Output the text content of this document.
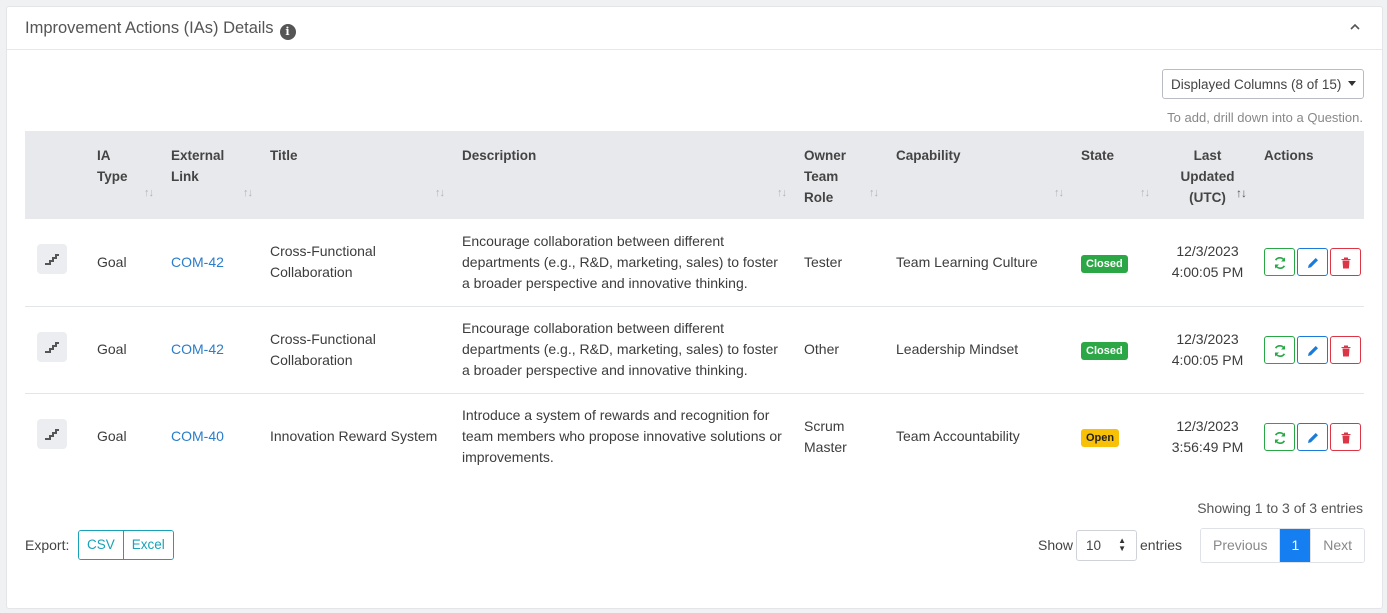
Improvement Actions (IAs) Details i
Displayed Columns (8 of 15)
To add, drill down into a Question.
	IA
Type
↑↓	External
Link
↑↓	Title
↑↓	Description
↑↓	Owner
Team
Role ↑↓	Capability
↑↓	State
↑↓	Last
Updated
(UTC) ↑↓	Actions

	Goal	COM-42	Cross-Functional Collaboration	Encourage collaboration between different departments (e.g., R&D, marketing, sales) to foster a broader perspective and innovative thinking.	Tester	Team Learning Culture	Closed	12/3/2023
4:00:05 PM	

	Goal	COM-42	Cross-Functional Collaboration	Encourage collaboration between different departments (e.g., R&D, marketing, sales) to foster a broader perspective and innovative thinking.	Other	Leadership Mindset	Closed	12/3/2023
4:00:05 PM	

	Goal	COM-40	Innovation Reward System	Introduce a system of rewards and recognition for team members who propose innovative solutions or improvements.	Scrum Master	Team Accountability	Open	12/3/2023
3:56:49 PM	
Showing 1 to 3 of 3 entries
Export:	CSV	Excel	Show 10 ▲
▼ entries	Previous	1	Next
